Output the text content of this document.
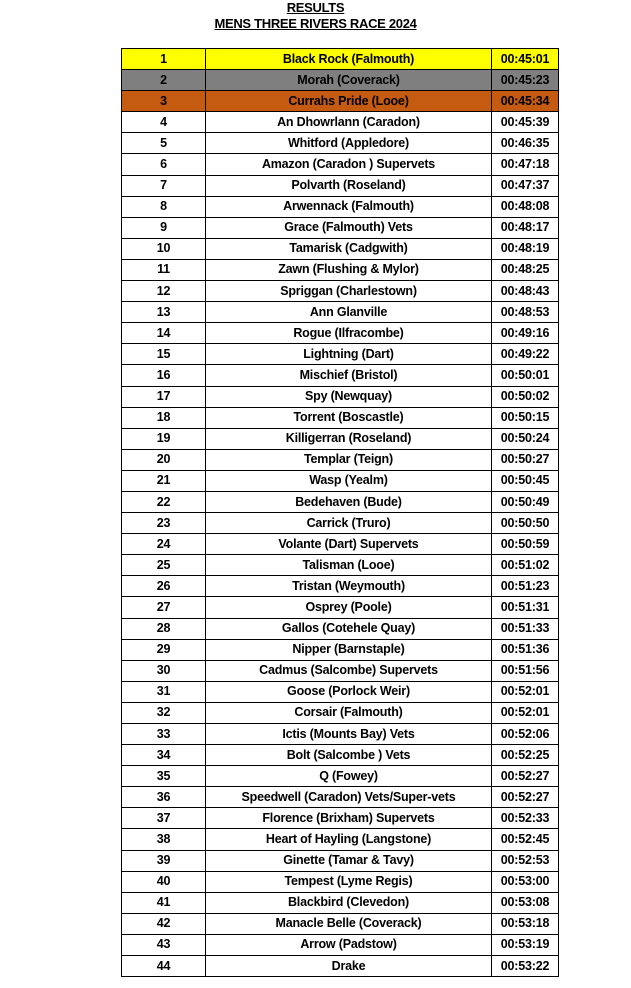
RESULTS
MENS THREE RIVERS RACE 2024
1	Black Rock (Falmouth)	00:45:01
2	Morah (Coverack)	00:45:23
3	Currahs Pride (Looe)	00:45:34
4	An Dhowrlann (Caradon)	00:45:39
5	Whitford (Appledore)	00:46:35
6	Amazon (Caradon ) Supervets	00:47:18
7	Polvarth (Roseland)	00:47:37
8	Arwennack (Falmouth)	00:48:08
9	Grace (Falmouth) Vets	00:48:17
10	Tamarisk (Cadgwith)	00:48:19
11	Zawn (Flushing & Mylor)	00:48:25
12	Spriggan (Charlestown)	00:48:43
13	Ann Glanville	00:48:53
14	Rogue (Ilfracombe)	00:49:16
15	Lightning (Dart)	00:49:22
16	Mischief (Bristol)	00:50:01
17	Spy (Newquay)	00:50:02
18	Torrent (Boscastle)	00:50:15
19	Killigerran (Roseland)	00:50:24
20	Templar (Teign)	00:50:27
21	Wasp (Yealm)	00:50:45
22	Bedehaven (Bude)	00:50:49
23	Carrick (Truro)	00:50:50
24	Volante (Dart) Supervets	00:50:59
25	Talisman (Looe)	00:51:02
26	Tristan (Weymouth)	00:51:23
27	Osprey (Poole)	00:51:31
28	Gallos (Cotehele Quay)	00:51:33
29	Nipper (Barnstaple)	00:51:36
30	Cadmus (Salcombe) Supervets	00:51:56
31	Goose (Porlock Weir)	00:52:01
32	Corsair (Falmouth)	00:52:01
33	Ictis (Mounts Bay) Vets	00:52:06
34	Bolt (Salcombe ) Vets	00:52:25
35	Q (Fowey)	00:52:27
36	Speedwell (Caradon) Vets/Super-vets	00:52:27
37	Florence (Brixham) Supervets	00:52:33
38	Heart of Hayling (Langstone)	00:52:45
39	Ginette (Tamar & Tavy)	00:52:53
40	Tempest (Lyme Regis)	00:53:00
41	Blackbird (Clevedon)	00:53:08
42	Manacle Belle (Coverack)	00:53:18
43	Arrow (Padstow)	00:53:19
44	Drake	00:53:22
